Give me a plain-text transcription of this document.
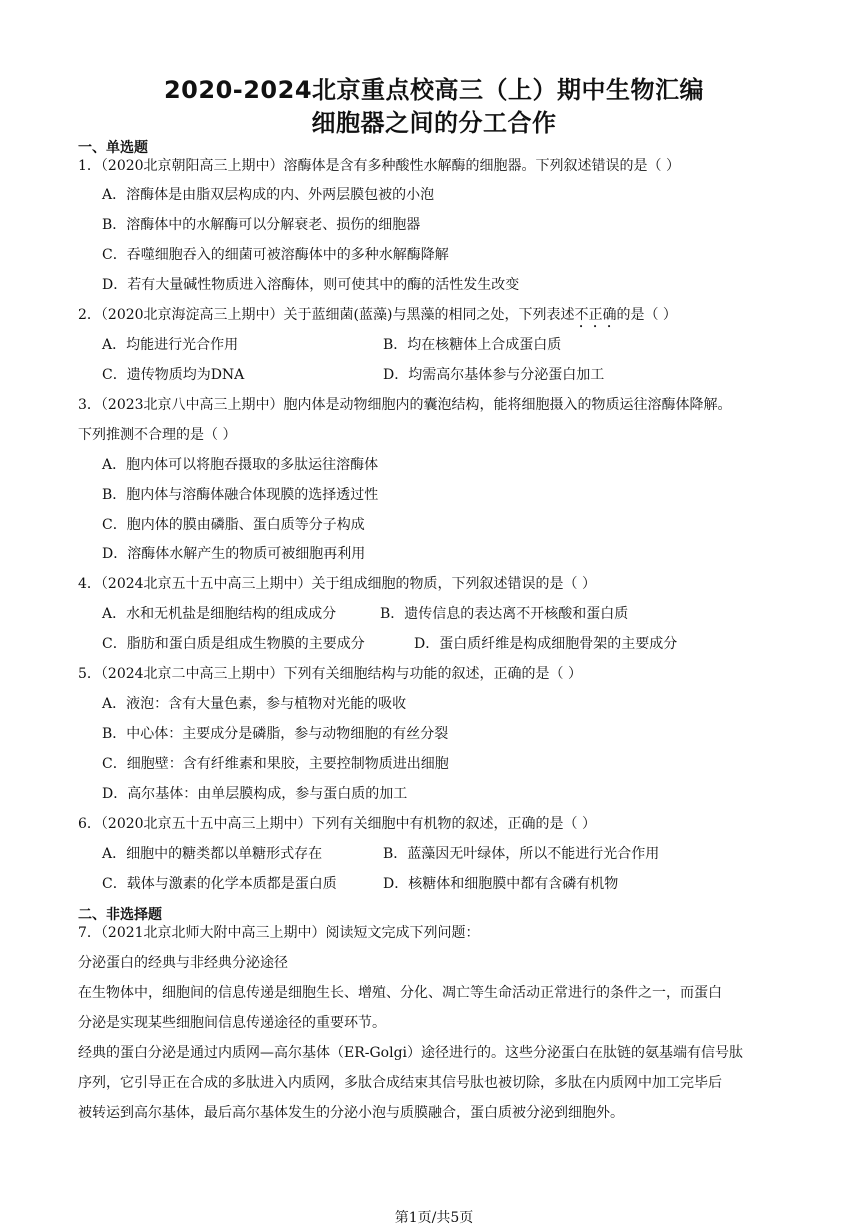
2020-2024北京重点校高三（上）期中生物汇编
细胞器之间的分工合作
一、单选题
1．（2020北京朝阳高三上期中）溶酶体是含有多种酸性水解酶的细胞器。下列叙述错误的是（ ）
A．溶酶体是由脂双层构成的内、外两层膜包被的小泡
B．溶酶体中的水解酶可以分解衰老、损伤的细胞器
C．吞噬细胞吞入的细菌可被溶酶体中的多种水解酶降解
D．若有大量碱性物质进入溶酶体，则可使其中的酶的活性发生改变
2．（2020北京海淀高三上期中）关于蓝细菌(蓝藻)与黑藻的相同之处，下列表述不正确的是（ ）
A．均能进行光合作用	B．均在核糖体上合成蛋白质
C．遗传物质均为DNA	D．均需高尔基体参与分泌蛋白加工
3．（2023北京八中高三上期中）胞内体是动物细胞内的囊泡结构，能将细胞摄入的物质运往溶酶体降解。
下列推测不合理的是（ ）
A．胞内体可以将胞吞摄取的多肽运往溶酶体
B．胞内体与溶酶体融合体现膜的选择透过性
C．胞内体的膜由磷脂、蛋白质等分子构成
D．溶酶体水解产生的物质可被细胞再利用
4．（2024北京五十五中高三上期中）关于组成细胞的物质，下列叙述错误的是（ ）
A．水和无机盐是细胞结构的组成成分	B．遗传信息的表达离不开核酸和蛋白质
C．脂肪和蛋白质是组成生物膜的主要成分	D．蛋白质纤维是构成细胞骨架的主要成分
5．（2024北京二中高三上期中）下列有关细胞结构与功能的叙述，正确的是（ ）
A．液泡：含有大量色素，参与植物对光能的吸收
B．中心体：主要成分是磷脂，参与动物细胞的有丝分裂
C．细胞壁：含有纤维素和果胶，主要控制物质进出细胞
D．高尔基体：由单层膜构成，参与蛋白质的加工
6．（2020北京五十五中高三上期中）下列有关细胞中有机物的叙述，正确的是（ ）
A．细胞中的糖类都以单糖形式存在	B．蓝藻因无叶绿体，所以不能进行光合作用
C．载体与激素的化学本质都是蛋白质	D．核糖体和细胞膜中都有含磷有机物
二、非选择题
7．（2021北京北师大附中高三上期中）阅读短文完成下列问题：
分泌蛋白的经典与非经典分泌途径
在生物体中，细胞间的信息传递是细胞生长、增殖、分化、凋亡等生命活动正常进行的条件之一，而蛋白
分泌是实现某些细胞间信息传递途径的重要环节。
经典的蛋白分泌是通过内质网—高尔基体（ER-Golgi）途径进行的。这些分泌蛋白在肽链的氨基端有信号肽
序列，它引导正在合成的多肽进入内质网，多肽合成结束其信号肽也被切除，多肽在内质网中加工完毕后
被转运到高尔基体，最后高尔基体发生的分泌小泡与质膜融合，蛋白质被分泌到细胞外。
第1页/共5页
